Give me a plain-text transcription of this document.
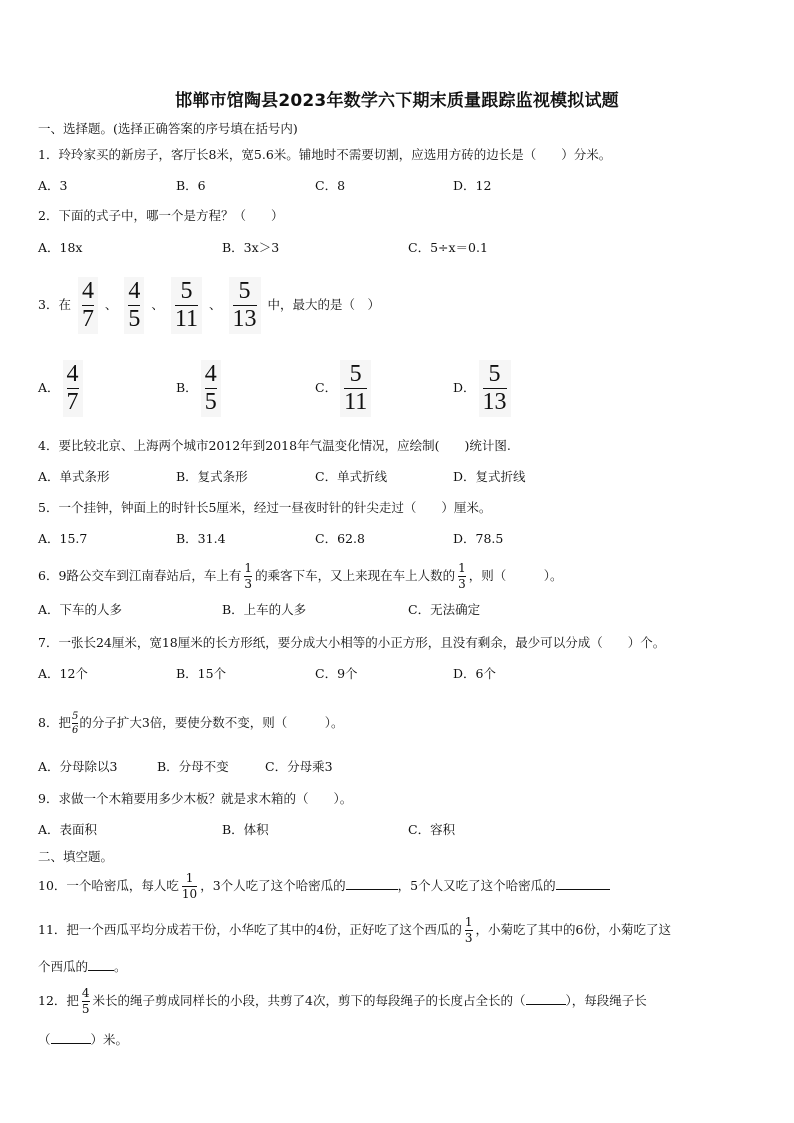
邯郸市馆陶县2023年数学六下期末质量跟踪监视模拟试题
一、选择题。(选择正确答案的序号填在括号内)
1．玲玲家买的新房子，客厅长8米，宽5.6米。铺地时不需要切割，应选用方砖的边长是（　　）分米。
A．3	B．6	C．8	D．12
2．下面的式子中，哪一个是方程？（　　）
A．18x	B．3x＞3	C．5÷x＝0.1
3．在 $\frac{4}{7}$ 、 $\frac{4}{5}$ 、 $\frac{5}{11}$ 、 $\frac{5}{13}$ 中，最大的是（　）
A． $\frac{4}{7}$	B． $\frac{4}{5}$	C． $\frac{5}{11}$	D． $\frac{5}{13}$
4．要比较北京、上海两个城市2012年到2018年气温变化情况，应绘制(　　)统计图.
A．单式条形	B．复式条形	C．单式折线	D．复式折线
5．一个挂钟，钟面上的时针长5厘米，经过一昼夜时针的针尖走过（　　）厘米。
A．15.7	B．31.4	C．62.8	D．78.5
6．9路公交车到江南春站后，车上有 $\frac{1}{3}$ 的乘客下车，又上来现在车上人数的 $\frac{1}{3}$ ，则（　　　）。
A．下车的人多	B．上车的人多	C．无法确定
7．一张长24厘米，宽18厘米的长方形纸，要分成大小相等的小正方形，且没有剩余，最少可以分成（　　）个。
A．12个	B．15个	C．9个	D．6个
8．把 $\frac{5}{6}$ 的分子扩大3倍，要使分数不变，则（　　　）。
A．分母除以3	B．分母不变	C．分母乘3
9．求做一个木箱要用多少木板？就是求木箱的（　　）。
A．表面积	B．体积	C．容积
二、填空题。
10．一个哈密瓜，每人吃 $\frac{1}{10}$ ，3个人吃了这个哈密瓜的	，5个人又吃了这个哈密瓜的
11．把一个西瓜平均分成若干份，小华吃了其中的4份，正好吃了这个西瓜的 $\frac{1}{3}$ ，小菊吃了其中的6份，小菊吃了这
个西瓜的 。
12．把 $\frac{4}{5}$ 米长的绳子剪成同样长的小段，共剪了4次，剪下的每段绳子的长度占全长的（	），每段绳子长
（	）米。
